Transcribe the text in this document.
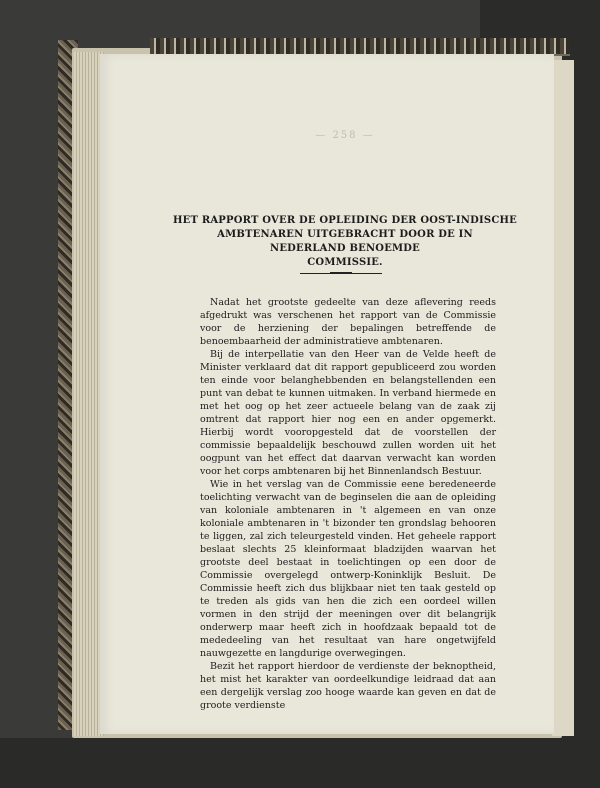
— 258 —
HET RAPPORT OVER DE OPLEIDING DER OOST-INDISCHE
AMBTENAREN UITGEBRACHT DOOR DE IN
NEDERLAND BENOEMDE
COMMISSIE.

Nadat het grootste gedeelte van deze aflevering reeds afgedrukt was verschenen het rapport van de Commissie voor de herziening der bepalingen betreffende de benoembaarheid der administratieve ambtenaren.

Bij de interpellatie van den Heer van de Velde heeft de Minister verklaard dat dit rapport gepubliceerd zou worden ten einde voor belanghebbenden en belangstellenden een punt van debat te kunnen uitmaken. In verband hiermede en met het oog op het zeer actueele belang van de zaak zij omtrent dat rapport hier nog een en ander opgemerkt. Hierbij wordt vooropgesteld dat de voorstellen der commissie bepaaldelijk beschouwd zullen worden uit het oogpunt van het effect dat daarvan verwacht kan worden voor het corps ambtenaren bij het Binnenlandsch Bestuur.

Wie in het verslag van de Commissie eene beredeneerde toelichting verwacht van de beginselen die aan de opleiding van koloniale ambtenaren in 't algemeen en van onze koloniale ambtenaren in 't bizonder ten grondslag behooren te liggen, zal zich teleurgesteld vinden. Het geheele rapport beslaat slechts 25 kleinformaat bladzijden waarvan het grootste deel bestaat in toelichtingen op een door de Commissie overgelegd ontwerp-Koninklijk Besluit. De Commissie heeft zich dus blijkbaar niet ten taak gesteld op te treden als gids van hen die zich een oordeel willen vormen in den strijd der meeningen over dit belangrijk onderwerp maar heeft zich in hoofdzaak bepaald tot de mededeeling van het resultaat van hare ongetwijfeld nauwgezette en langdurige overwegingen.

Bezit het rapport hierdoor de verdienste der beknoptheid, het mist het karakter van oordeelkundige leidraad dat aan een dergelijk verslag zoo hooge waarde kan geven en dat de groote verdienste
